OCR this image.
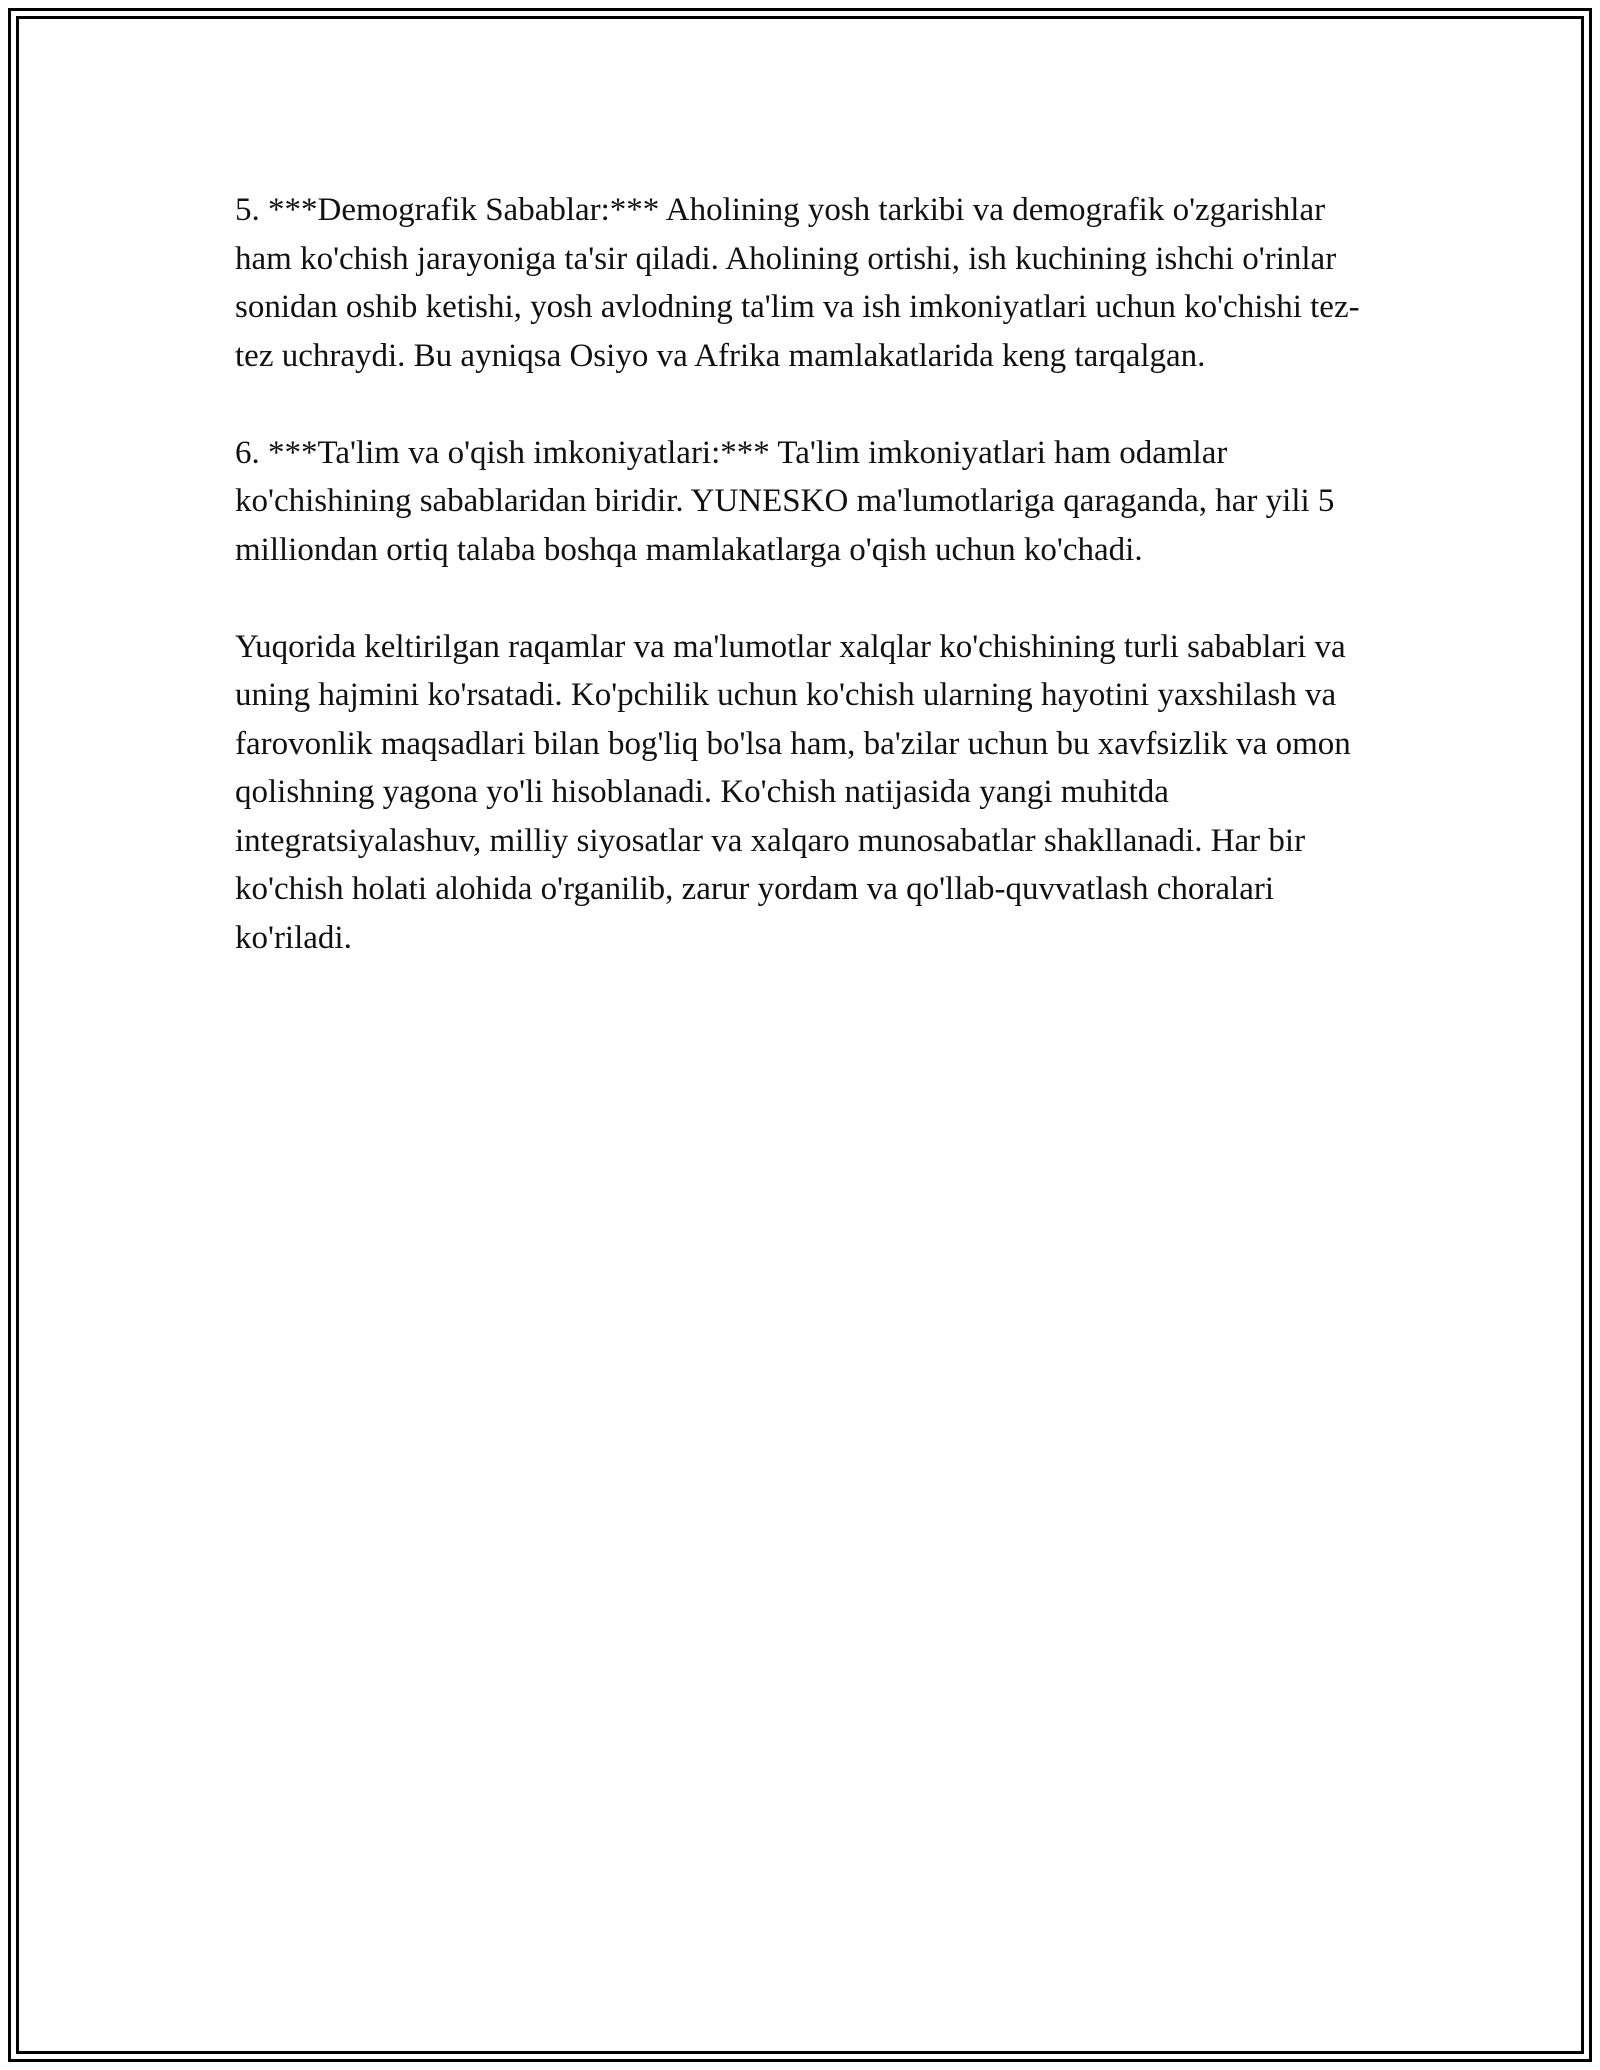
5. ***Demografik Sabablar:*** Aholining yosh tarkibi va demografik o'zgarishlar ham ko'chish jarayoniga ta'sir qiladi. Aholining ortishi, ish kuchining ishchi o'rinlar sonidan oshib ketishi, yosh avlodning ta'lim va ish imkoniyatlari uchun ko'chishi tez-tez uchraydi. Bu ayniqsa Osiyo va Afrika mamlakatlarida keng tarqalgan.

6. ***Ta'lim va o'qish imkoniyatlari:*** Ta'lim imkoniyatlari ham odamlar ko'chishining sabablaridan biridir. YUNESKO ma'lumotlariga qaraganda, har yili 5 milliondan ortiq talaba boshqa mamlakatlarga o'qish uchun ko'chadi.

Yuqorida keltirilgan raqamlar va ma'lumotlar xalqlar ko'chishining turli sabablari va uning hajmini ko'rsatadi. Ko'pchilik uchun ko'chish ularning hayotini yaxshilash va farovonlik maqsadlari bilan bog'liq bo'lsa ham, ba'zilar uchun bu xavfsizlik va omon qolishning yagona yo'li hisoblanadi. Ko'chish natijasida yangi muhitda integratsiyalashuv, milliy siyosatlar va xalqaro munosabatlar shakllanadi. Har bir ko'chish holati alohida o'rganilib, zarur yordam va qo'llab-quvvatlash choralari ko'riladi.
